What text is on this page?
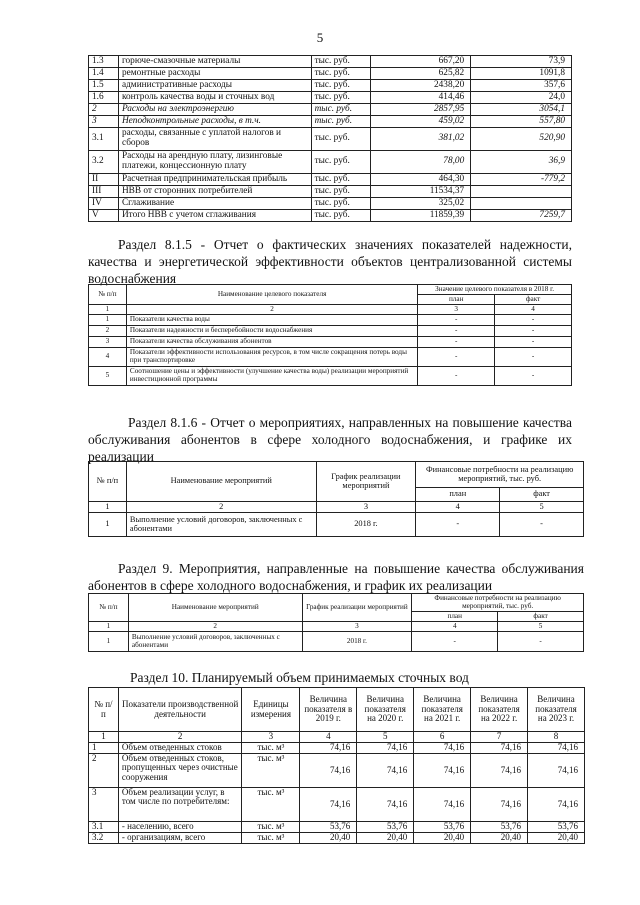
5
1.3	горюче-смазочные материалы	тыс. руб.	667,20	73,9
1.4	ремонтные расходы	тыс. руб.	625,82	1091,8
1.5	административные расходы	тыс. руб.	2438,20	357,6
1.6	контроль качества воды и сточных вод	тыс. руб.	414,46	24,0
2	Расходы на электроэнергию	тыс. руб.	2857,95	3054,1
3	Неподконтрольные расходы, в т.ч.	тыс. руб.	459,02	557,80
3.1	расходы, связанные с уплатой налогов и сборов	тыс. руб.	381,02	520,90
3.2	Расходы на арендную плату, лизинговые платежи, концессионную плату	тыс. руб.	78,00	36,9
II	Расчетная предпринимательская прибыль	тыс. руб.	464,30	-779,2
III	НВВ от сторонних потребителей	тыс. руб.	11534,37	
IV	Сглаживание	тыс. руб.	325,02	
V	Итого НВВ с учетом сглаживания	тыс. руб.	11859,39	7259,7
Раздел 8.1.5 - Отчет о фактических значениях показателей надежности, качества и энергетической эффективности объектов централизованной системы водоснабжения
№ п/п	Наименование целевого показателя	Значение целевого показателя в 2018 г.	
		план	факт
1	2	3	4
1	Показатели качества воды	-	-
2	Показатели надежности и бесперебойности водоснабжения	-	-
3	Показатели качества обслуживания абонентов	-	-
4	Показатели эффективности использования ресурсов, в том числе сокращения потерь воды при транспортировке	-	-
5	Соотношение цены и эффективности (улучшение качества воды) реализации мероприятий инвестиционной программы	-	-
Раздел 8.1.6 - Отчет о мероприятиях, направленных на повышение качества обслуживания абонентов в сфере холодного водоснабжения, и графике их реализации
№ п/п	Наименование мероприятий	График реализации мероприятий	Финансовые потребности на реализацию мероприятий, тыс. руб.	
			план	факт
1	2	3	4	5
1	Выполнение условий договоров, заключенных с абонентами	2018 г.	-	-
Раздел 9. Мероприятия, направленные на повышение качества обслуживания абонентов в сфере холодного водоснабжения, и график их реализации
№ п/п	Наименование мероприятий	График реализации мероприятий	Финансовые потребности на реализацию мероприятий, тыс. руб.	
			план	факт
1	2	3	4	5
1	Выполнение условий договоров, заключенных с абонентами	2018 г.	-	-
Раздел 10. Планируемый объем принимаемых сточных вод
№ п/п	Показатели производственной деятельности	Единицы измерения	Величина показателя в 2019 г.	Величина показателя на 2020 г.	Величина показателя на 2021 г.	Величина показателя на 2022 г.	Величина показателя на 2023 г.
1	2	3	4	5	6	7	8
1	Объем отведенных стоков	тыс. м³	74,16	74,16	74,16	74,16	74,16
2	Объем отведенных стоков, пропущенных через очистные сооружения	тыс. м³	74,16	74,16	74,16	74,16	74,16
3	Объем реализации услуг, в том числе по потребителям:	тыс. м³	74,16	74,16	74,16	74,16	74,16
3.1	- населению, всего	тыс. м³	53,76	53,76	53,76	53,76	53,76
3.2	- организациям, всего	тыс. м³	20,40	20,40	20,40	20,40	20,40
